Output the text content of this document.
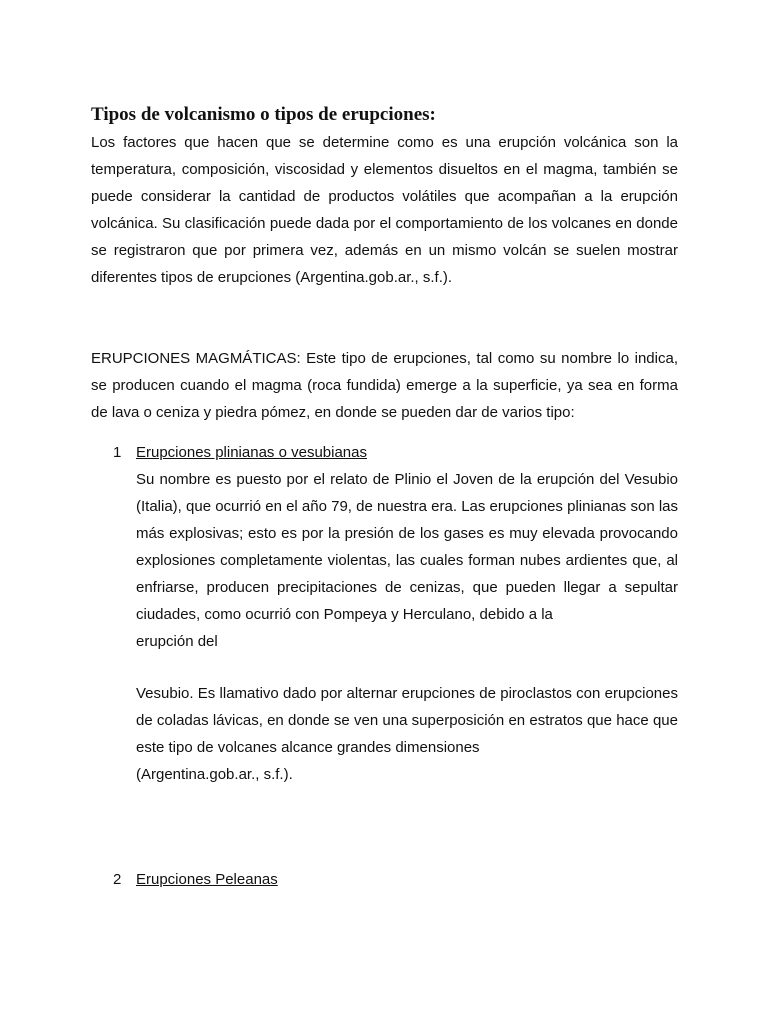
Tipos de volcanismo o tipos de erupciones:

Los factores que hacen que se determine como es una erupción volcánica son la temperatura, composición, viscosidad y elementos disueltos en el magma, también se puede considerar la cantidad de productos volátiles que acompañan a la erupción volcánica. Su clasificación puede dada por el comportamiento de los volcanes en donde se registraron que por primera vez, además en un mismo volcán se suelen mostrar diferentes tipos de erupciones (Argentina.gob.ar., s.f.).

ERUPCIONES MAGMÁTICAS: Este tipo de erupciones, tal como su nombre lo indica, se producen cuando el magma (roca fundida) emerge a la superficie, ya sea en forma de lava o ceniza y piedra pómez, en donde se pueden dar de varios tipo:

1 Erupciones plinianas o vesubianas

Su nombre es puesto por el relato de Plinio el Joven de la erupción del Vesubio (Italia), que ocurrió en el año 79, de nuestra era. Las erupciones plinianas son las más explosivas; esto es por la presión de los gases es muy elevada provocando explosiones completamente violentas, las cuales forman nubes ardientes que, al enfriarse, producen precipitaciones de cenizas, que pueden llegar a sepultar ciudades, como ocurrió con Pompeya y Herculano, debido a la

erupción del

Vesubio. Es llamativo dado por alternar erupciones de piroclastos con erupciones de coladas lávicas, en donde se ven una superposición en estratos que hace que este tipo de volcanes alcance grandes dimensiones

(Argentina.gob.ar., s.f.).

2 Erupciones Peleanas
